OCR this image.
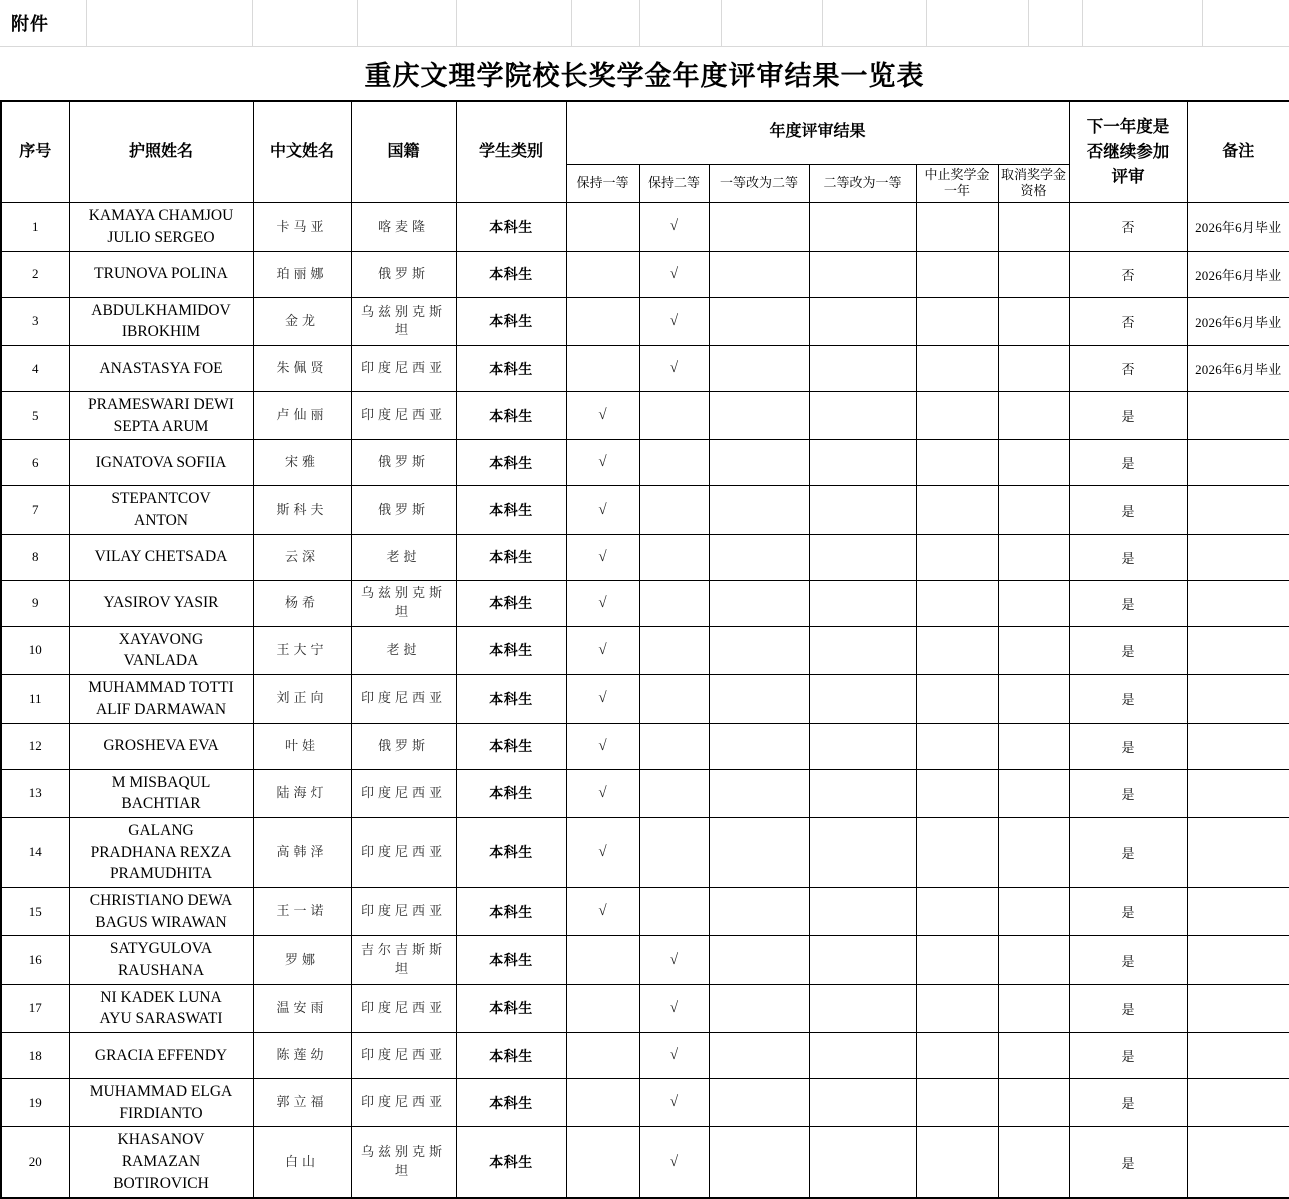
附件
重庆文理学院校长奖学金年度评审结果一览表
序号	护照姓名	中文姓名	国籍	学生类别	年度评审结果						下一年度是否继续参加评审	备注
					保持一等	保持二等	一等改为二等	二等改为一等	中止奖学金一年	取消奖学金资格		
1	KAMAYA CHAMJOU JULIO SERGEO	卡马亚	喀麦隆	本科生		√					否	2026年6月毕业
2	TRUNOVA POLINA	珀丽娜	俄罗斯	本科生		√					否	2026年6月毕业
3	ABDULKHAMIDOV IBROKHIM	金龙	乌兹别克斯坦	本科生		√					否	2026年6月毕业
4	ANASTASYA FOE	朱佩贤	印度尼西亚	本科生		√					否	2026年6月毕业
5	PRAMESWARI DEWI SEPTA ARUM	卢仙丽	印度尼西亚	本科生	√						是	
6	IGNATOVA SOFIIA	宋雅	俄罗斯	本科生	√						是	
7	STEPANTCOV ANTON	斯科夫	俄罗斯	本科生	√						是	
8	VILAY CHETSADA	云深	老挝	本科生	√						是	
9	YASIROV YASIR	杨希	乌兹别克斯坦	本科生	√						是	
10	XAYAVONG VANLADA	王大宁	老挝	本科生	√						是	
11	MUHAMMAD TOTTI ALIF DARMAWAN	刘正向	印度尼西亚	本科生	√						是	
12	GROSHEVA EVA	叶娃	俄罗斯	本科生	√						是	
13	M MISBAQUL BACHTIAR	陆海灯	印度尼西亚	本科生	√						是	
14	GALANG PRADHANA REXZA PRAMUDHITA	高韩泽	印度尼西亚	本科生	√						是	
15	CHRISTIANO DEWA BAGUS WIRAWAN	王一诺	印度尼西亚	本科生	√						是	
16	SATYGULOVA RAUSHANA	罗娜	吉尔吉斯斯坦	本科生		√					是	
17	NI KADEK LUNA AYU SARASWATI	温安雨	印度尼西亚	本科生		√					是	
18	GRACIA EFFENDY	陈莲幼	印度尼西亚	本科生		√					是	
19	MUHAMMAD ELGA FIRDIANTO	郭立福	印度尼西亚	本科生		√					是	
20	KHASANOV RAMAZAN BOTIROVICH	白山	乌兹别克斯坦	本科生		√					是	
